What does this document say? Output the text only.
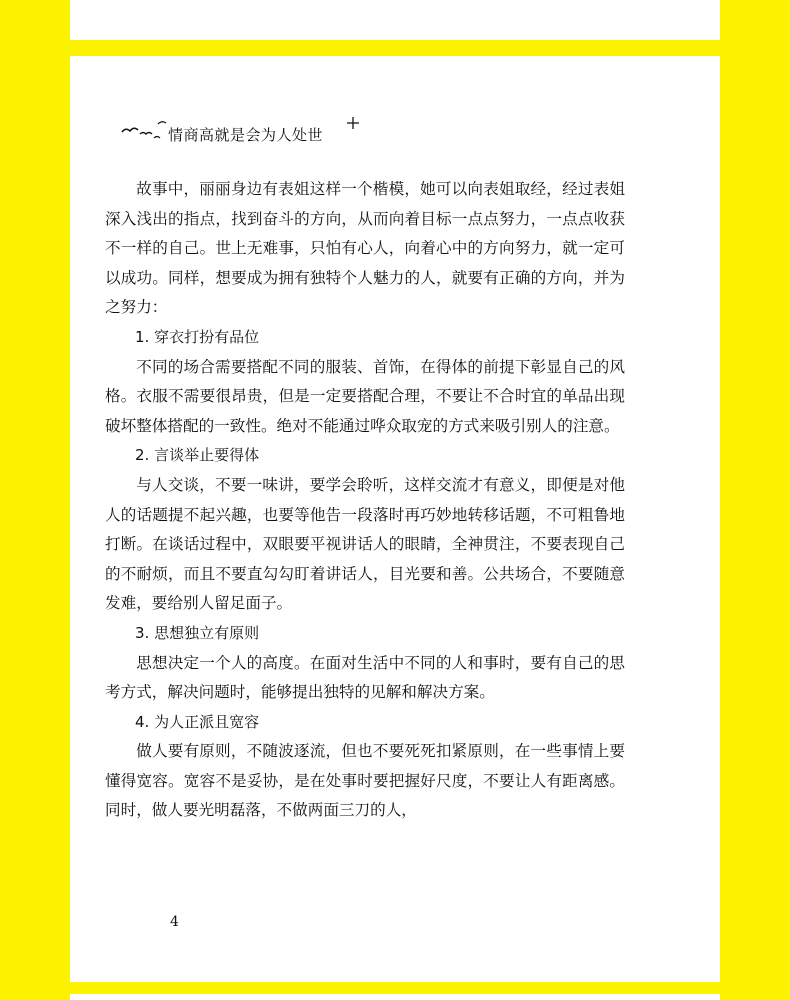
情商高就是会为人处世

故事中，丽丽身边有表姐这样一个楷模，她可以向表姐取经，经过表姐深入浅出的指点，找到奋斗的方向，从而向着目标一点点努力，一点点收获不一样的自己。世上无难事，只怕有心人，向着心中的方向努力，就一定可以成功。同样，想要成为拥有独特个人魅力的人，就要有正确的方向，并为之努力：

1. 穿衣打扮有品位

不同的场合需要搭配不同的服装、首饰，在得体的前提下彰显自己的风格。衣服不需要很昂贵，但是一定要搭配合理，不要让不合时宜的单品出现破坏整体搭配的一致性。绝对不能通过哗众取宠的方式来吸引别人的注意。

2. 言谈举止要得体

与人交谈，不要一味讲，要学会聆听，这样交流才有意义，即便是对他人的话题提不起兴趣，也要等他告一段落时再巧妙地转移话题，不可粗鲁地打断。在谈话过程中，双眼要平视讲话人的眼睛，全神贯注，不要表现自己的不耐烦，而且不要直勾勾盯着讲话人，目光要和善。公共场合，不要随意发难，要给别人留足面子。

3. 思想独立有原则

思想决定一个人的高度。在面对生活中不同的人和事时，要有自己的思考方式，解决问题时，能够提出独特的见解和解决方案。

4. 为人正派且宽容

做人要有原则，不随波逐流，但也不要死死扣紧原则，在一些事情上要懂得宽容。宽容不是妥协，是在处事时要把握好尺度，不要让人有距离感。同时，做人要光明磊落，不做两面三刀的人，

4
